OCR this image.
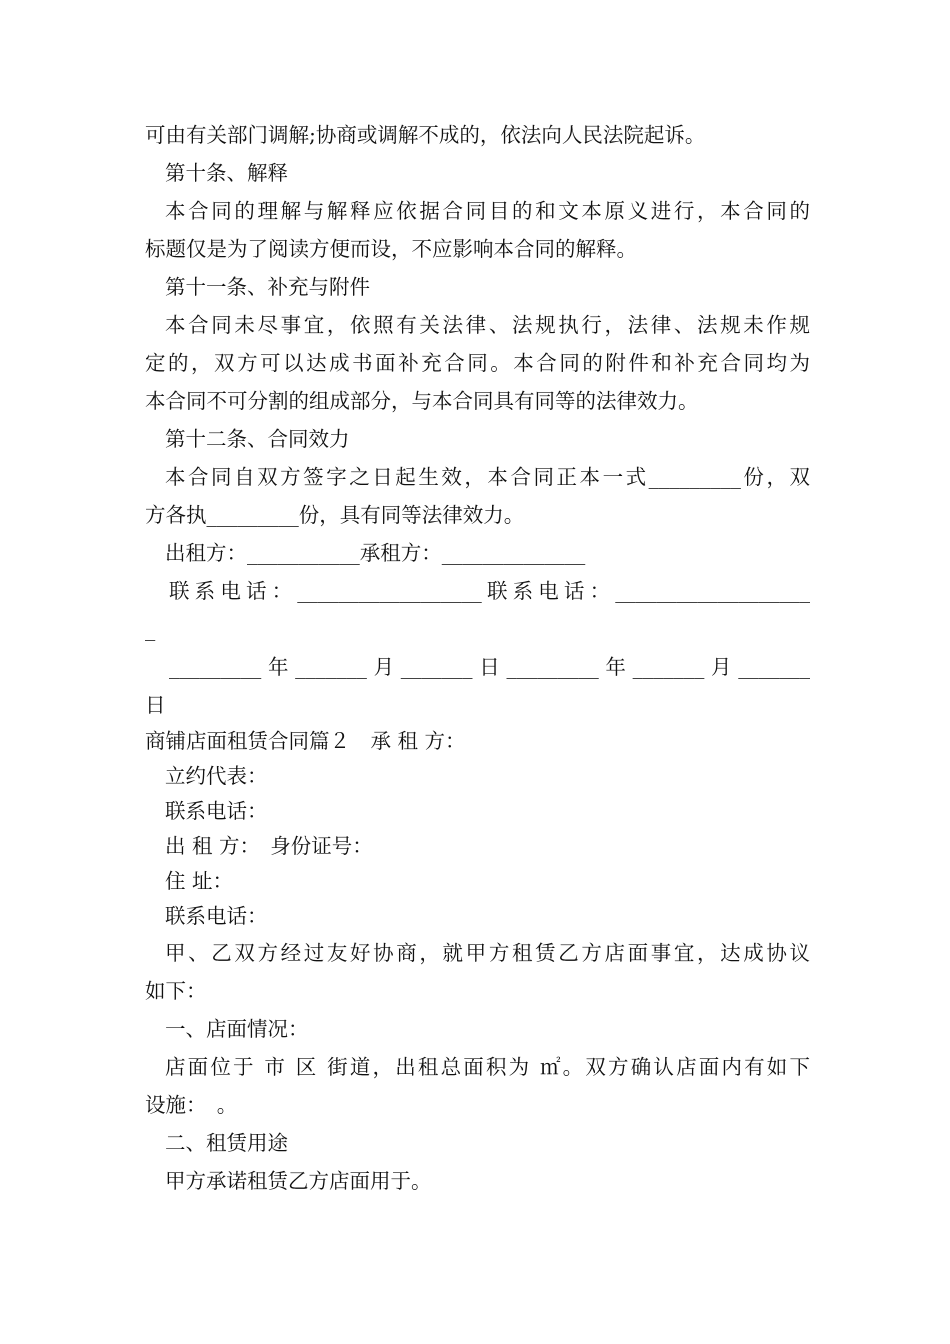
可由有关部门调解;协商或调解不成的，依法向人民法院起诉。
第十条、解释
本合同的理解与解释应依据合同目的和文本原义进行，本合同的
标题仅是为了阅读方便而设，不应影响本合同的解释。
第十一条、补充与附件
本合同未尽事宜，依照有关法律、法规执行，法律、法规未作规
定的，双方可以达成书面补充合同。本合同的附件和补充合同均为
本合同不可分割的组成部分，与本合同具有同等的法律效力。
第十二条、合同效力
本合同自双方签字之日起生效，本合同正本一式_________份，双
方各执_________份，具有同等法律效力。
出租方：___________承租方：______________
联系电话：__________________联系电话：___________________
_
_________年_______月_______日_________年_______月_______
日
商铺店面租赁合同篇２　承 租 方：
立约代表：
联系电话：
出 租 方：　身份证号：
住 址：
联系电话：
甲、乙双方经过友好协商，就甲方租赁乙方店面事宜，达成协议
如下：
一、店面情况：
店面位于 市 区 街道，出租总面积为 ㎡。双方确认店面内有如下
设施：　。
二、租赁用途
甲方承诺租赁乙方店面用于。
